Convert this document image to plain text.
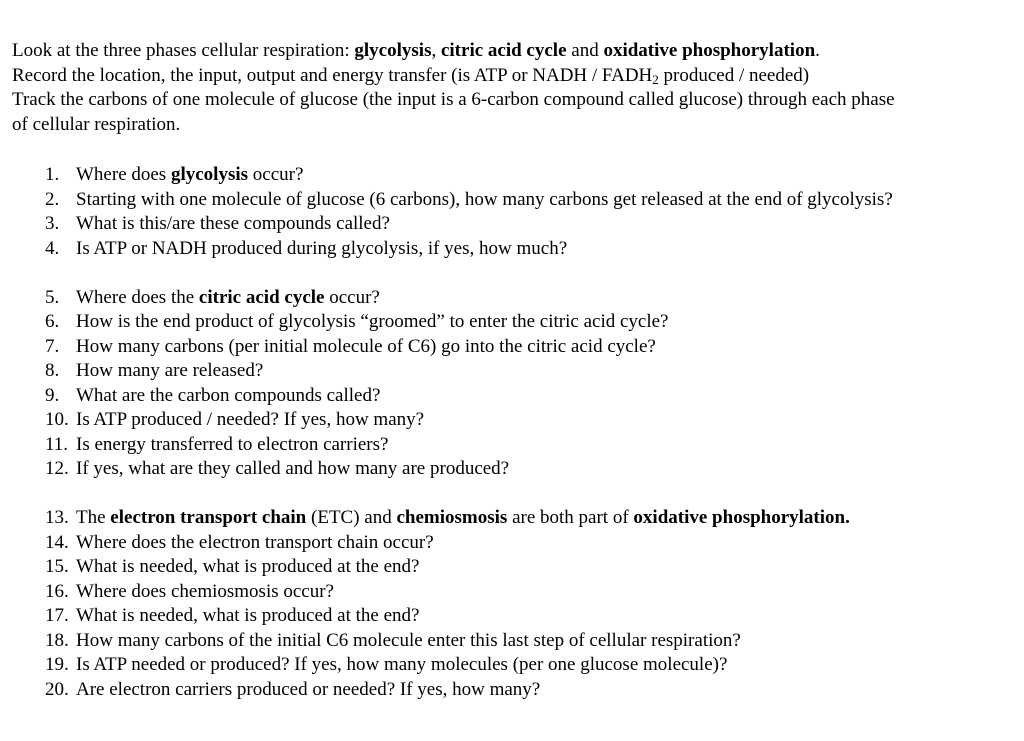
Look at the three phases cellular respiration: glycolysis, citric acid cycle and oxidative phosphorylation.

Record the location, the input, output and energy transfer (is ATP or NADH / $FADH_2$ produced / needed)

Track the carbons of one molecule of glucose (the input is a 6-carbon compound called glucose) through each phase

of cellular respiration.

1. Where does glycolysis occur?
2. Starting with one molecule of glucose (6 carbons), how many carbons get released at the end of glycolysis?
3. What is this/are these compounds called?
4. Is ATP or NADH produced during glycolysis, if yes, how much?
5. Where does the citric acid cycle occur?
6. How is the end product of glycolysis “groomed” to enter the citric acid cycle?
7. How many carbons (per initial molecule of C6) go into the citric acid cycle?
8. How many are released?
9. What are the carbon compounds called?
10. Is ATP produced / needed? If yes, how many?
11. Is energy transferred to electron carriers?
12. If yes, what are they called and how many are produced?
13. The electron transport chain (ETC) and chemiosmosis are both part of oxidative phosphorylation.
14. Where does the electron transport chain occur?
15. What is needed, what is produced at the end?
16. Where does chemiosmosis occur?
17. What is needed, what is produced at the end?
18. How many carbons of the initial C6 molecule enter this last step of cellular respiration?
19. Is ATP needed or produced? If yes, how many molecules (per one glucose molecule)?
20. Are electron carriers produced or needed? If yes, how many?
